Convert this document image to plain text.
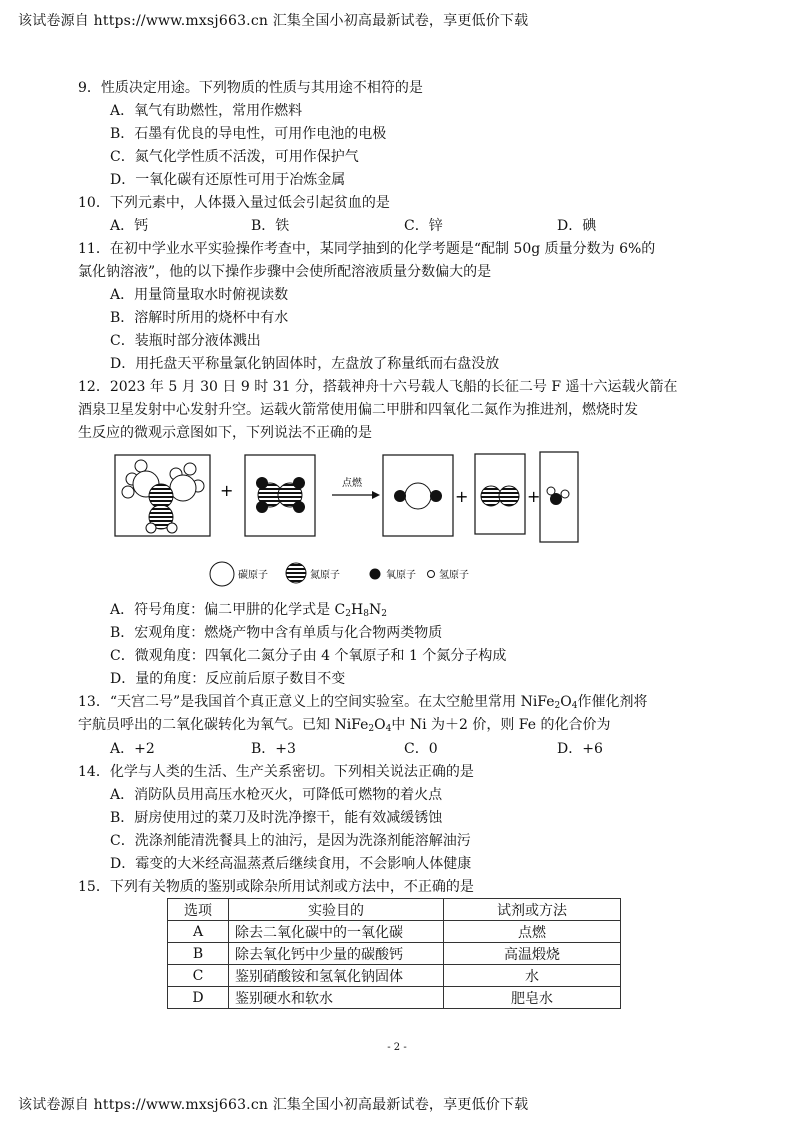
该试卷源自 https://www.mxsj663.cn 汇集全国小初高最新试卷，享更低价下载
9．性质决定用途。下列物质的性质与其用途不相符的是
A．氧气有助燃性，常用作燃料
B．石墨有优良的导电性，可用作电池的电极
C．氮气化学性质不活泼，可用作保护气
D．一氧化碳有还原性可用于冶炼金属
10．下列元素中，人体摄入量过低会引起贫血的是
A．钙	B．铁	C．锌	D．碘
11．在初中学业水平实验操作考查中，某同学抽到的化学考题是“配制 50g 质量分数为 6%的
氯化钠溶液”，他的以下操作步骤中会使所配溶液质量分数偏大的是
A．用量筒量取水时俯视读数
B．溶解时所用的烧杯中有水
C．装瓶时部分液体溅出
D．用托盘天平称量氯化钠固体时，左盘放了称量纸而右盘没放
12．2023 年 5 月 30 日 9 时 31 分，搭载神舟十六号载人飞船的长征二号 F 遥十六运载火箭在
酒泉卫星发射中心发射升空。运载火箭常使用偏二甲肼和四氧化二氮作为推进剂，燃烧时发
生反应的微观示意图如下，下列说法不正确的是
+	点燃
+	+
碳原子	氮原子	氧原子 氢原子
A．符号角度：偏二甲肼的化学式是 $C_2H_8N_2$
B．宏观角度：燃烧产物中含有单质与化合物两类物质
C．微观角度：四氧化二氮分子由 4 个氧原子和 1 个氮分子构成
D．量的角度：反应前后原子数目不变
13．“天宫二号”是我国首个真正意义上的空间实验室。在太空舱里常用 $NiFe_2O_4$作催化剂将
宇航员呼出的二氧化碳转化为氧气。已知 $NiFe_2O_4$中 Ni 为＋2 价，则 Fe 的化合价为
A．+2	B．+3	C．0	D．+6
14．化学与人类的生活、生产关系密切。下列相关说法正确的是
A．消防队员用高压水枪灭火，可降低可燃物的着火点
B．厨房使用过的菜刀及时洗净擦干，能有效减缓锈蚀
C．洗涤剂能清洗餐具上的油污，是因为洗涤剂能溶解油污
D．霉变的大米经高温蒸煮后继续食用，不会影响人体健康
15．下列有关物质的鉴别或除杂所用试剂或方法中，不正确的是
选项	实验目的	试剂或方法
A	除去二氧化碳中的一氧化碳	点燃
B	除去氧化钙中少量的碳酸钙	高温煅烧
C	鉴别硝酸铵和氢氧化钠固体	水
D	鉴别硬水和软水	肥皂水
- 2 -
该试卷源自 https://www.mxsj663.cn 汇集全国小初高最新试卷，享更低价下载
